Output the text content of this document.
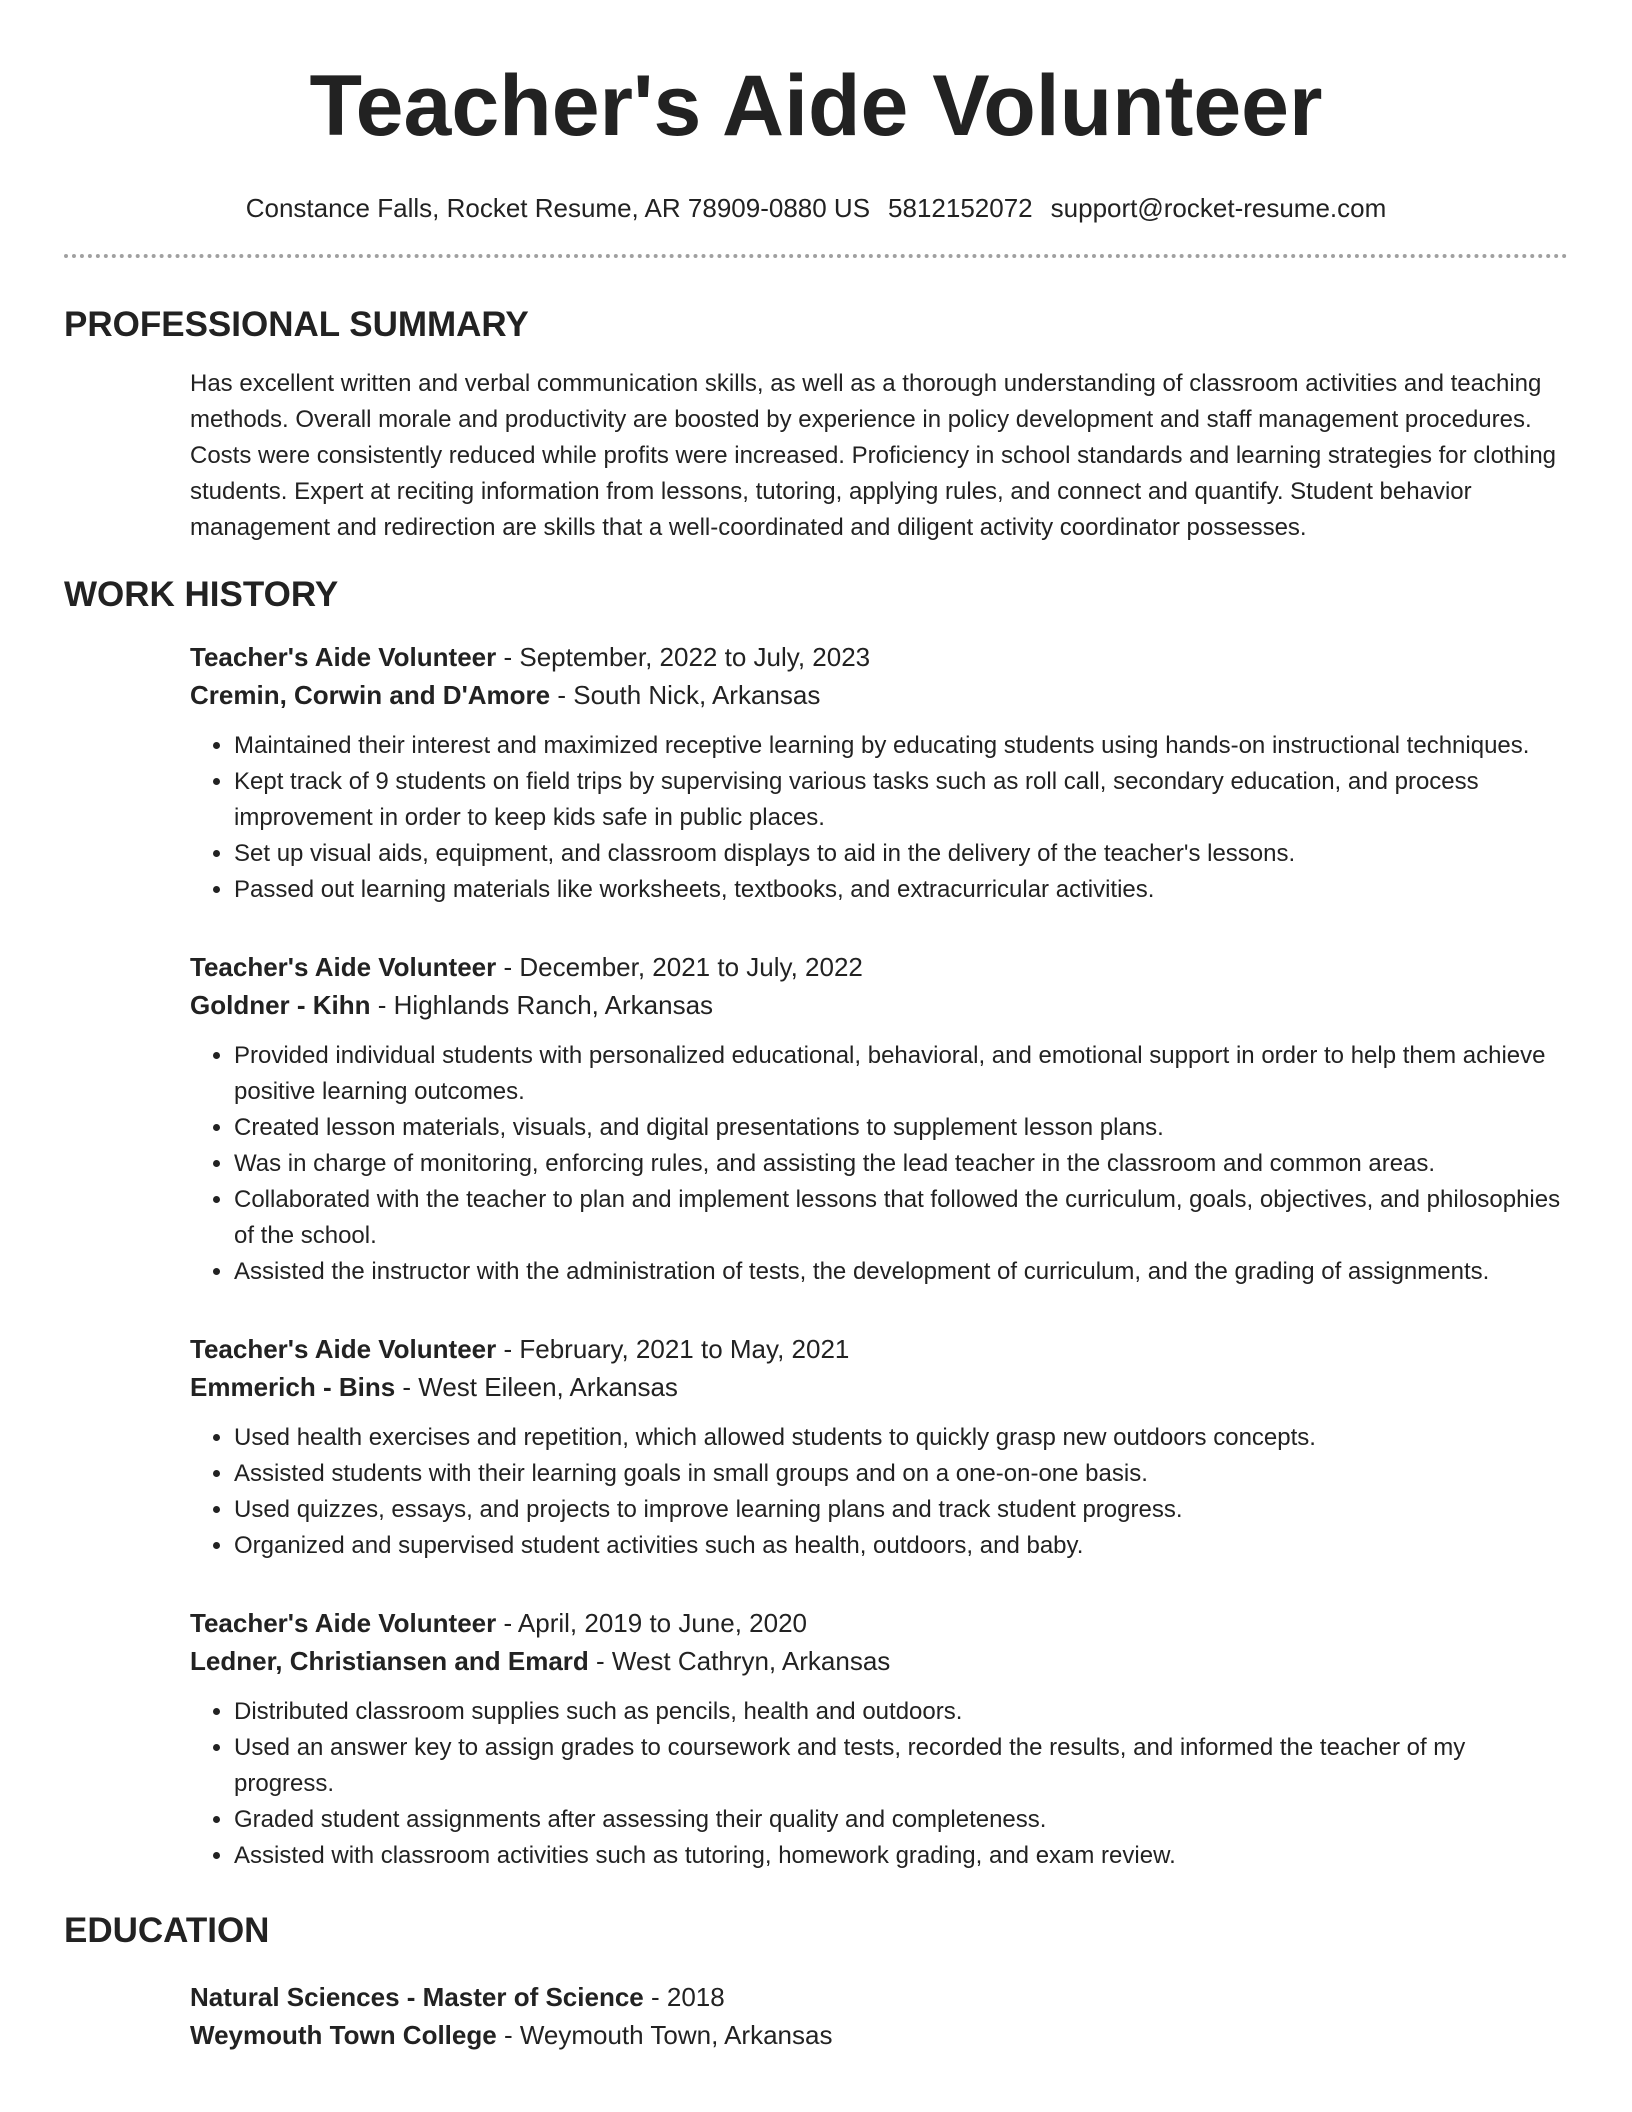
Teacher's Aide Volunteer
Constance Falls, Rocket Resume, AR 78909-0880 US 5812152072 support@rocket-resume.com
PROFESSIONAL SUMMARY

Has excellent written and verbal communication skills, as well as a thorough understanding of classroom activities and teaching methods. Overall morale and productivity are boosted by experience in policy development and staff management procedures. Costs were consistently reduced while profits were increased. Proficiency in school standards and learning strategies for clothing students. Expert at reciting information from lessons, tutoring, applying rules, and connect and quantify. Student behavior management and redirection are skills that a well-coordinated and diligent activity coordinator possesses.

WORK HISTORY
Teacher's Aide Volunteer - September, 2022 to July, 2023
Cremin, Corwin and D'Amore - South Nick, Arkansas
• Maintained their interest and maximized receptive learning by educating students using hands-on instructional techniques.
• Kept track of 9 students on field trips by supervising various tasks such as roll call, secondary education, and process improvement in order to keep kids safe in public places.
• Set up visual aids, equipment, and classroom displays to aid in the delivery of the teacher's lessons.
• Passed out learning materials like worksheets, textbooks, and extracurricular activities.
Teacher's Aide Volunteer - December, 2021 to July, 2022
Goldner - Kihn - Highlands Ranch, Arkansas
• Provided individual students with personalized educational, behavioral, and emotional support in order to help them achieve positive learning outcomes.
• Created lesson materials, visuals, and digital presentations to supplement lesson plans.
• Was in charge of monitoring, enforcing rules, and assisting the lead teacher in the classroom and common areas.
• Collaborated with the teacher to plan and implement lessons that followed the curriculum, goals, objectives, and philosophies of the school.
• Assisted the instructor with the administration of tests, the development of curriculum, and the grading of assignments.
Teacher's Aide Volunteer - February, 2021 to May, 2021
Emmerich - Bins - West Eileen, Arkansas
• Used health exercises and repetition, which allowed students to quickly grasp new outdoors concepts.
• Assisted students with their learning goals in small groups and on a one-on-one basis.
• Used quizzes, essays, and projects to improve learning plans and track student progress.
• Organized and supervised student activities such as health, outdoors, and baby.
Teacher's Aide Volunteer - April, 2019 to June, 2020
Ledner, Christiansen and Emard - West Cathryn, Arkansas
• Distributed classroom supplies such as pencils, health and outdoors.
• Used an answer key to assign grades to coursework and tests, recorded the results, and informed the teacher of my progress.
• Graded student assignments after assessing their quality and completeness.
• Assisted with classroom activities such as tutoring, homework grading, and exam review.
EDUCATION
Natural Sciences - Master of Science - 2018
Weymouth Town College - Weymouth Town, Arkansas
